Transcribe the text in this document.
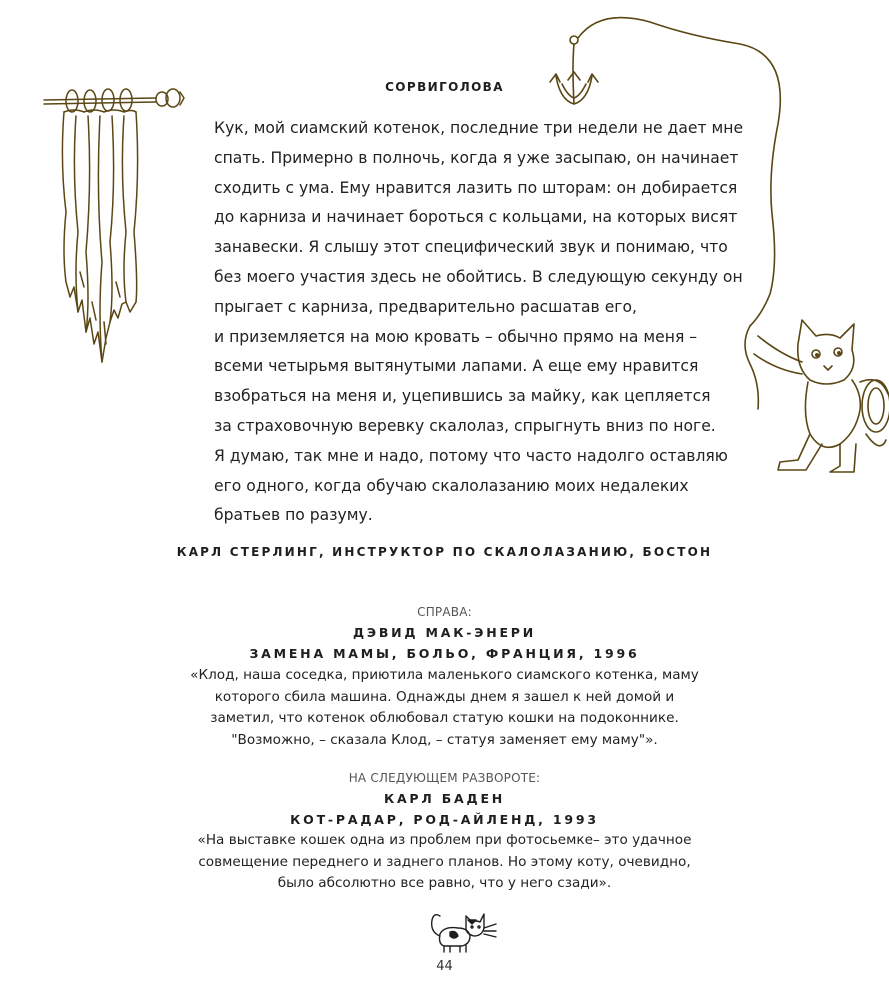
СОРВИГОЛОВА

Кук, мой сиамский котенок, последние три недели не дает мне
спать. Примерно в полночь, когда я уже засыпаю, он начинает
сходить с ума. Ему нравится лазить по шторам: он добирается
до карниза и начинает бороться с кольцами, на которых висят
занавески. Я слышу этот специфический звук и понимаю, что
без моего участия здесь не обойтись. В следующую секунду он
прыгает с карниза, предварительно расшатав его,
и приземляется на мою кровать – обычно прямо на меня –
всеми четырьмя вытянутыми лапами. А еще ему нравится
взобраться на меня и, уцепившись за майку, как цепляется
за страховочную веревку скалолаз, спрыгнуть вниз по ноге.
Я думаю, так мне и надо, потому что часто надолго оставляю
его одного, когда обучаю скалолазанию моих недалеких
братьев по разуму.

КАРЛ СТЕРЛИНГ, ИНСТРУКТОР ПО СКАЛОЛАЗАНИЮ, БОСТОН
СПРАВА:
ДЭВИД МАК-ЭНЕРИ
ЗАМЕНА МАМЫ, БОЛЬО, ФРАНЦИЯ, 1996

«Клод, наша соседка, приютила маленького сиамского котенка, маму
которого сбила машина. Однажды днем я зашел к ней домой и
заметил, что котенок облюбовал статую кошки на подоконнике.
"Возможно, – сказала Клод, – статуя заменяет ему маму"».

НА СЛЕДУЮЩЕМ РАЗВОРОТЕ:
КАРЛ БАДЕН
КОТ-РАДАР, РОД-АЙЛЕНД, 1993

«На выставке кошек одна из проблем при фотосьемке– это удачное
совмещение переднего и заднего планов. Но этому коту, очевидно,
было абсолютно все равно, что у него сзади».

44
